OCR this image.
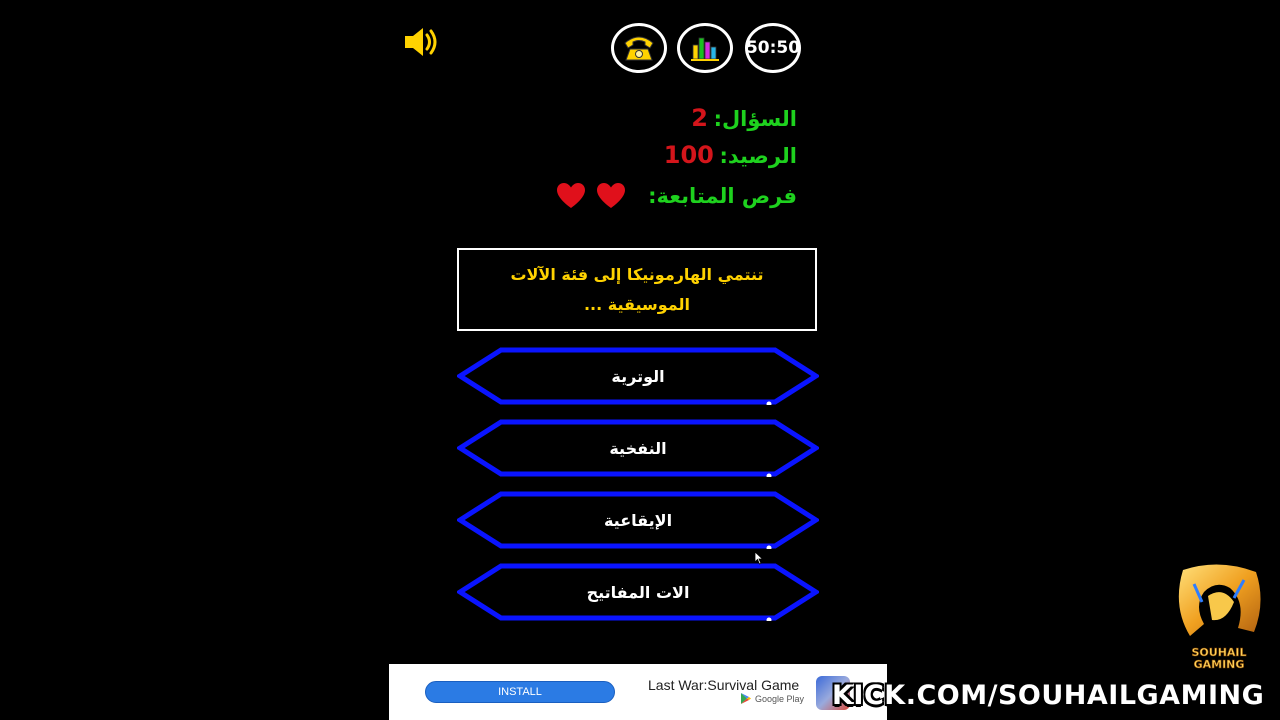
50:50
السؤال: 2
الرصيد: 100
فرص المتابعة:
تنتمي الهارمونيكا إلى فئة الآلات الموسيقية ...
الوترية
النفخية
الإيقاعية
الات المفاتيح
INSTALL	Last War:Survival Game
Google Play KICK.COM/SOUHAILGAMING
SOUHAIL
GAMING
